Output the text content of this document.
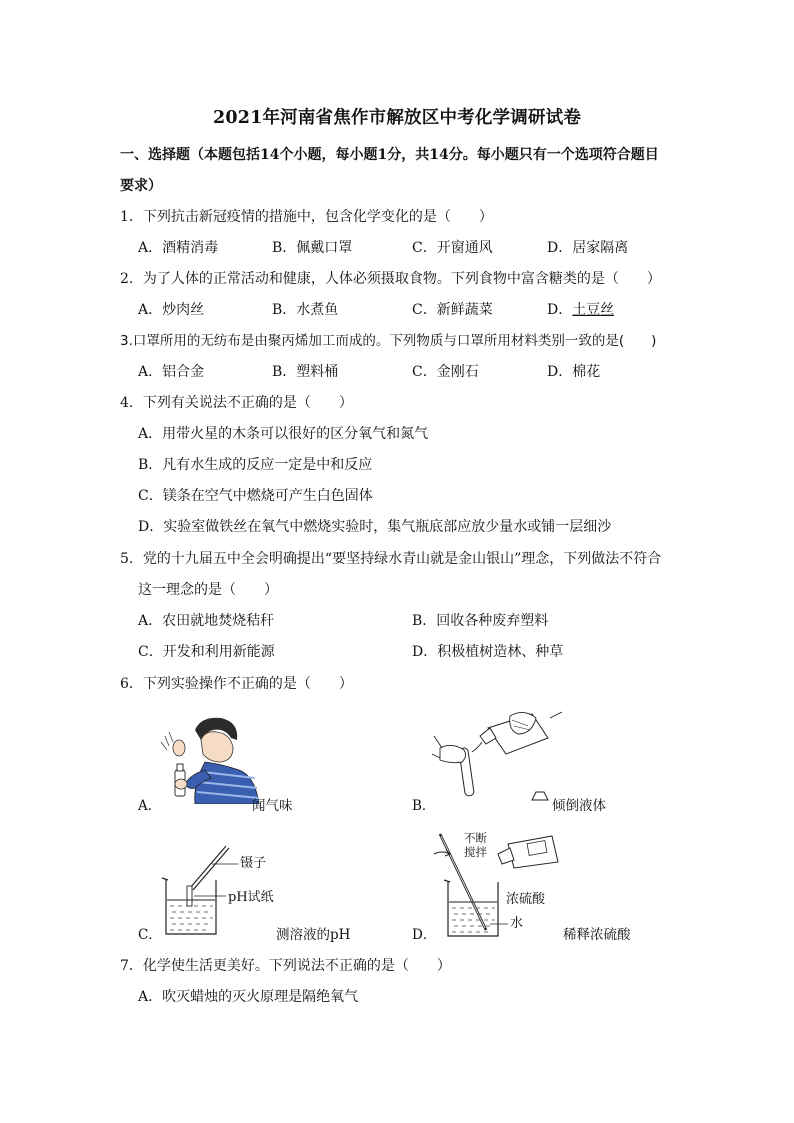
2021年河南省焦作市解放区中考化学调研试卷
一、选择题（本题包括14个小题，每小题1分，共14分。每小题只有一个选项符合题目
要求）
1．下列抗击新冠疫情的措施中，包含化学变化的是（　　）
A．酒精消毒	B．佩戴口罩	C．开窗通风	D．居家隔离
2．为了人体的正常活动和健康，人体必须摄取食物。下列食物中富含糖类的是（　　）
A．炒肉丝	B．水煮鱼	C．新鲜蔬菜	D．土豆丝
3.口罩所用的无纺布是由聚丙烯加工而成的。下列物质与口罩所用材料类别一致的是(　　)
A．铝合金	B．塑料桶	C．金刚石	D．棉花
4．下列有关说法不正确的是（　　）
A．用带火星的木条可以很好的区分氧气和氮气
B．凡有水生成的反应一定是中和反应
C．镁条在空气中燃烧可产生白色固体
D．实验室做铁丝在氧气中燃烧实验时，集气瓶底部应放少量水或铺一层细沙
5．党的十九届五中全会明确提出“要坚持绿水青山就是金山银山”理念，下列做法不符合
这一理念的是（　　）
A．农田就地焚烧秸秆	B．回收各种废弃塑料
C．开发和利用新能源	D．积极植树造林、种草
6．下列实验操作不正确的是（　　）
A．	闻气味	B．	倾倒液体
镊子
pH试纸
C．	测溶液的pH
不断
搅拌
浓硫酸
水
D．	稀释浓硫酸
7．化学使生活更美好。下列说法不正确的是（　　）
A．吹灭蜡烛的灭火原理是隔绝氧气
